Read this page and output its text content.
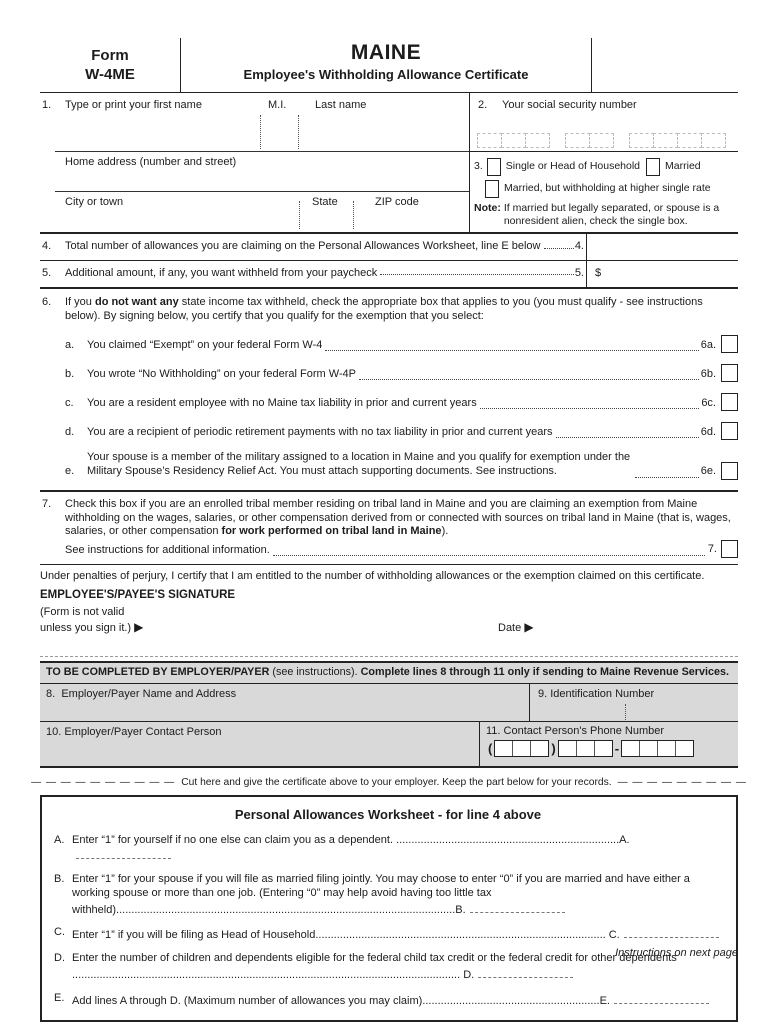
Form
W-4ME
MAINE
Employee's Withholding Allowance Certificate
1. Type or print your first name	M.I.	Last name
Home address (number and street)
City or town	State	ZIP code
2. Your social security number
3. Single or Head of Household Married
Married, but withholding at higher single rate
Note: If married but legally separated, or spouse is a nonresident alien, check the single box.
4.	Total number of allowances you are claiming on the Personal Allowances Worksheet, line E below	4.
5.	Additional amount, if any, you want withheld from your paycheck	5.	$
6.	If you do not want any state income tax withheld, check the appropriate box that applies to you (you must qualify - see instructions below). By signing below, you certify that you qualify for the exemption that you select:
a.	You claimed “Exempt” on your federal Form W-4	6a.
b.	You wrote “No Withholding” on your federal Form W-4P	6b.
c.	You are a resident employee with no Maine tax liability in prior and current years	6c.
d.	You are a recipient of periodic retirement payments with no tax liability in prior and current years	6d.
e.
Your spouse is a member of the military assigned to a location in Maine and you qualify for exemption under the Military Spouse’s Residency Relief Act. You must attach supporting documents. See instructions.	6e.
7.	Check this box if you are an enrolled tribal member residing on tribal land in Maine and you are claiming an exemption from Maine withholding on the wages, salaries, or other compensation derived from or connected with sources on tribal land in Maine (that is, wages, salaries, or other compensation for work performed on tribal land in Maine).
See instructions for additional information.	7.
Under penalties of perjury, I certify that I am entitled to the number of withholding allowances or the exemption claimed on this certificate.
EMPLOYEE'S/PAYEE'S SIGNATURE
(Form is not valid
unless you sign it.) ▶	Date ▶
TO BE COMPLETED BY EMPLOYER/PAYER (see instructions). Complete lines 8 through 11 only if sending to Maine Revenue Services.
8. Employer/Payer Name and Address	9. Identification Number
10. Employer/Payer Contact Person	11. Contact Person's Phone Number
(	)	-
— — — — — — — — — — Cut here and give the certificate above to your employer. Keep the part below for your records. — — — — — — — — —
Personal Allowances Worksheet - for line 4 above
A. Enter “1” for yourself if no one else can claim you as a dependent. .........................................................................A.
B. Enter “1” for your spouse if you will file as married filing jointly. You may choose to enter “0” if you are married and have either a working spouse or more than one job. (Entering “0” may help avoid having too little tax withheld)...............................................................................................................B.
C. Enter “1” if you will be filing as Head of Household............................................................................................... C.
D. Enter the number of children and dependents eligible for the federal child tax credit or the federal credit for other dependents ............................................................................................................................... D.
E. Add lines A through D. (Maximum number of allowances you may claim)..........................................................E.
Instructions on next page
